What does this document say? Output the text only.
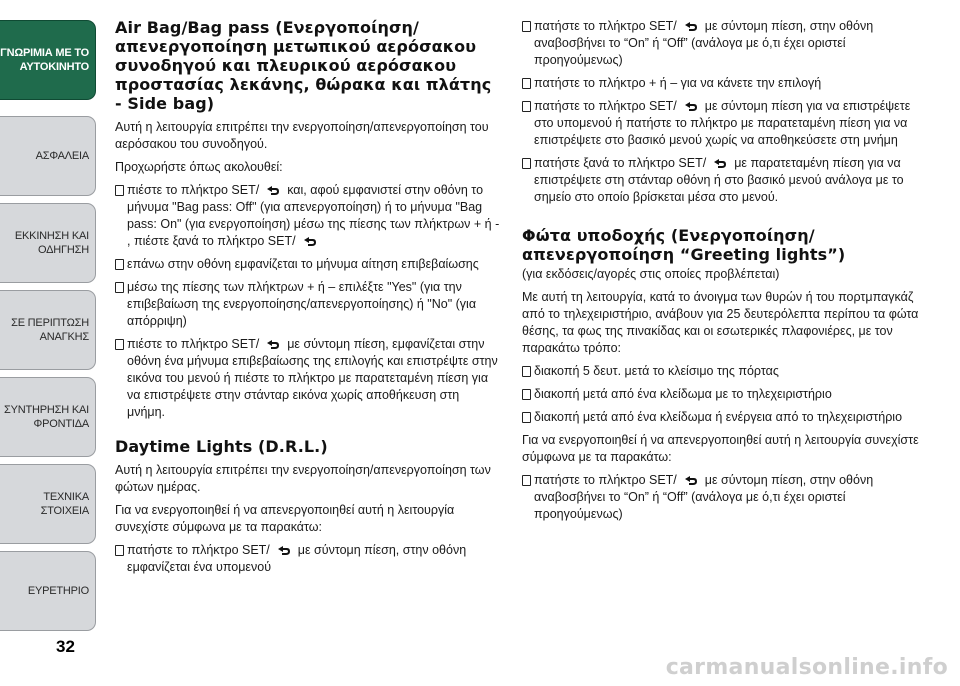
ΓΝΩΡΙΜΙΑ ΜΕ ΤΟ
ΑΥΤΟΚΙΝΗΤΟ
ΑΣΦΑΛΕΙΑ
ΕΚΚΙΝΗΣΗ ΚΑΙ
ΟΔΗΓΗΣΗ
ΣΕ ΠΕΡΙΠΤΩΣΗ
ΑΝΑΓΚΗΣ
ΣΥΝΤΗΡΗΣΗ ΚΑΙ
ΦΡΟΝΤΙΔΑ
ΤΕΧΝΙΚΑ ΣΤΟΙΧΕΙΑ
ΕΥΡΕΤΗΡΙΟ
32
Air Bag/Bag pass (Ενεργοποίηση/ απενεργοποίηση μετωπικού αερόσακου συνοδηγού και πλευρικού αερόσακου προστασίας λεκάνης, θώρακα και πλάτης - Side bag)

Αυτή η λειτουργία επιτρέπει την ενεργοποίηση/απενεργοποίηση του αερόσακου του συνοδηγού.

Προχωρήστε όπως ακολουθεί:

πιέστε το πλήκτρο SET/ και, αφού εμφανιστεί στην οθόνη το μήνυμα "Bag pass: Off" (για απενεργοποίηση) ή το μήνυμα "Bag pass: On" (για ενεργοποίηση) μέσω της πίεσης των πλήκτρων + ή - , πιέστε ξανά το πλήκτρο SET/
επάνω στην οθόνη εμφανίζεται το μήνυμα αίτηση επιβεβαίωσης
μέσω της πίεσης των πλήκτρων + ή – επιλέξτε "Yes" (για την επιβεβαίωση της ενεργοποίησης/απενεργοποίησης) ή "No" (για απόρριψη)
πιέστε το πλήκτρο SET/ με σύντομη πίεση, εμφανίζεται στην οθόνη ένα μήνυμα επιβεβαίωσης της επιλογής και επιστρέψτε στην εικόνα του μενού ή πιέστε το πλήκτρο με παρατεταμένη πίεση για να επιστρέψετε στην στάνταρ εικόνα χωρίς αποθήκευση στη μνήμη.
Daytime Lights (D.R.L.)

Αυτή η λειτουργία επιτρέπει την ενεργοποίηση/απενεργοποίηση των φώτων ημέρας.

Για να ενεργοποιηθεί ή να απενεργοποιηθεί αυτή η λειτουργία συνεχίστε σύμφωνα με τα παρακάτω:

πατήστε το πλήκτρο SET/ με σύντομη πίεση, στην οθόνη εμφανίζεται ένα υπομενού
πατήστε το πλήκτρο SET/ με σύντομη πίεση, στην οθόνη αναβοσβήνει το “On” ή “Off” (ανάλογα με ό,τι έχει οριστεί προηγούμενως)
πατήστε το πλήκτρο + ή – για να κάνετε την επιλογή
πατήστε το πλήκτρο SET/ με σύντομη πίεση για να επιστρέψετε στο υπομενού ή πατήστε το πλήκτρο με παρατεταμένη πίεση για να επιστρέψετε στο βασικό μενού χωρίς να αποθηκεύσετε στη μνήμη
πατήστε ξανά το πλήκτρο SET/ με παρατεταμένη πίεση για να επιστρέψετε στη στάνταρ οθόνη ή στο βασικό μενού ανάλογα με το σημείο στο οποίο βρίσκεται μέσα στο μενού.
Φώτα υποδοχής (Ενεργοποίηση/ απενεργοποίηση “Greeting lights”)

(για εκδόσεις/αγορές στις οποίες προβλέπεται)

Με αυτή τη λειτουργία, κατά το άνοιγμα των θυρών ή του πορτμπαγκάζ από το τηλεχειριστήριο, ανάβουν για 25 δευτερόλεπτα περίπου τα φώτα θέσης, τα φως της πινακίδας και οι εσωτερικές πλαφονιέρες, με τον παρακάτω τρόπο:

διακοπή 5 δευτ. μετά το κλείσιμο της πόρτας
διακοπή μετά από ένα κλείδωμα με το τηλεχειριστήριο
διακοπή μετά από ένα κλείδωμα ή ενέργεια από το τηλεχειριστήριο

Για να ενεργοποιηθεί ή να απενεργοποιηθεί αυτή η λειτουργία συνεχίστε σύμφωνα με τα παρακάτω:

πατήστε το πλήκτρο SET/ με σύντομη πίεση, στην οθόνη αναβοσβήνει το “On” ή “Off” (ανάλογα με ό,τι έχει οριστεί προηγούμενως)
carmanualsonline.info
